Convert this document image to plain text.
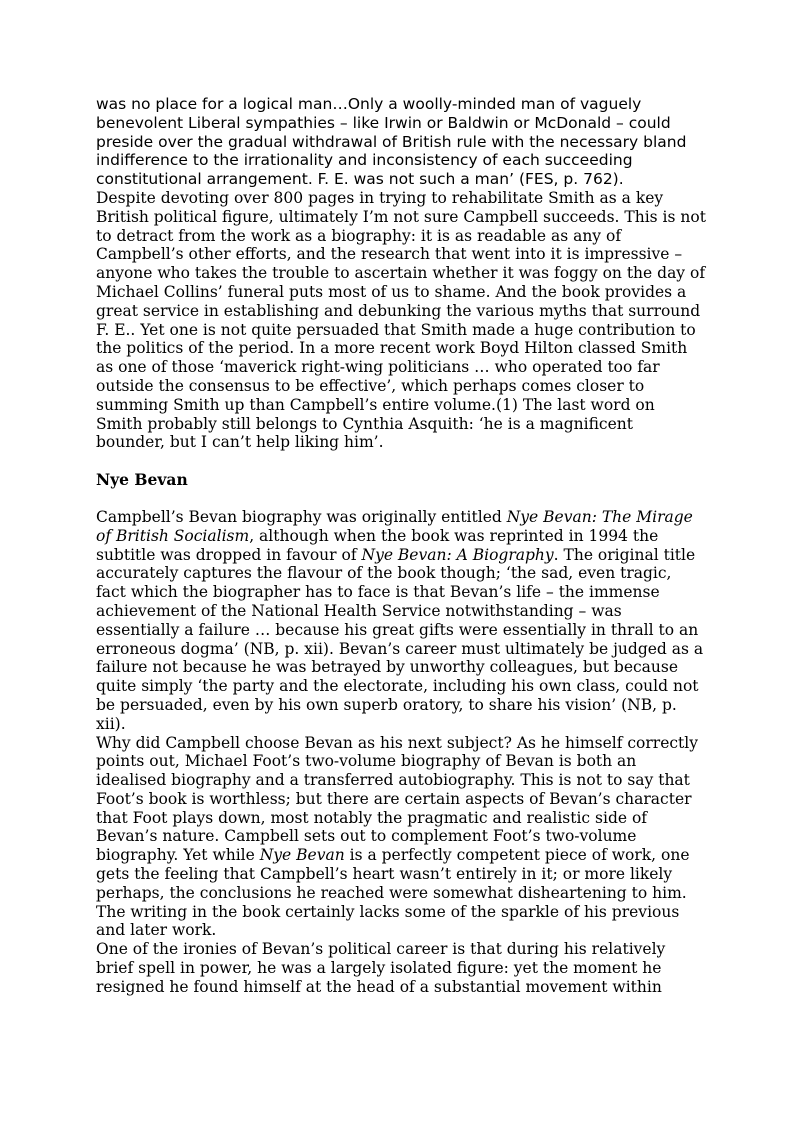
was no place for a logical man…Only a woolly-minded man of vaguely benevolent Liberal sympathies – like Irwin or Baldwin or McDonald – could preside over the gradual withdrawal of British rule with the necessary bland indifference to the irrationality and inconsistency of each succeeding constitutional arrangement. F. E. was not such a man’ (FES, p. 762).

Despite devoting over 800 pages in trying to rehabilitate Smith as a key British political figure, ultimately I’m not sure Campbell succeeds. This is not to detract from the work as a biography: it is as readable as any of Campbell’s other efforts, and the research that went into it is impressive – anyone who takes the trouble to ascertain whether it was foggy on the day of Michael Collins’ funeral puts most of us to shame. And the book provides a great service in establishing and debunking the various myths that surround F. E.. Yet one is not quite persuaded that Smith made a huge contribution to the politics of the period. In a more recent work Boyd Hilton classed Smith as one of those ‘maverick right-wing politicians … who operated too far outside the consensus to be effective’, which perhaps comes closer to summing Smith up than Campbell’s entire volume.(1) The last word on Smith probably still belongs to Cynthia Asquith: ‘he is a magnificent bounder, but I can’t help liking him’.

Nye Bevan

Campbell’s Bevan biography was originally entitled Nye Bevan: The Mirage of British Socialism, although when the book was reprinted in 1994 the subtitle was dropped in favour of Nye Bevan: A Biography. The original title accurately captures the flavour of the book though; ‘the sad, even tragic, fact which the biographer has to face is that Bevan’s life – the immense achievement of the National Health Service notwithstanding – was essentially a failure … because his great gifts were essentially in thrall to an erroneous dogma’ (NB, p. xii). Bevan’s career must ultimately be judged as a failure not because he was betrayed by unworthy colleagues, but because quite simply ‘the party and the electorate, including his own class, could not be persuaded, even by his own superb oratory, to share his vision’ (NB, p. xii).

Why did Campbell choose Bevan as his next subject? As he himself correctly points out, Michael Foot’s two-volume biography of Bevan is both an idealised biography and a transferred autobiography. This is not to say that Foot’s book is worthless; but there are certain aspects of Bevan’s character that Foot plays down, most notably the pragmatic and realistic side of Bevan’s nature. Campbell sets out to complement Foot’s two-volume biography. Yet while Nye Bevan is a perfectly competent piece of work, one gets the feeling that Campbell’s heart wasn’t entirely in it; or more likely perhaps, the conclusions he reached were somewhat disheartening to him. The writing in the book certainly lacks some of the sparkle of his previous and later work.

One of the ironies of Bevan’s political career is that during his relatively brief spell in power, he was a largely isolated figure: yet the moment he resigned he found himself at the head of a substantial movement within
